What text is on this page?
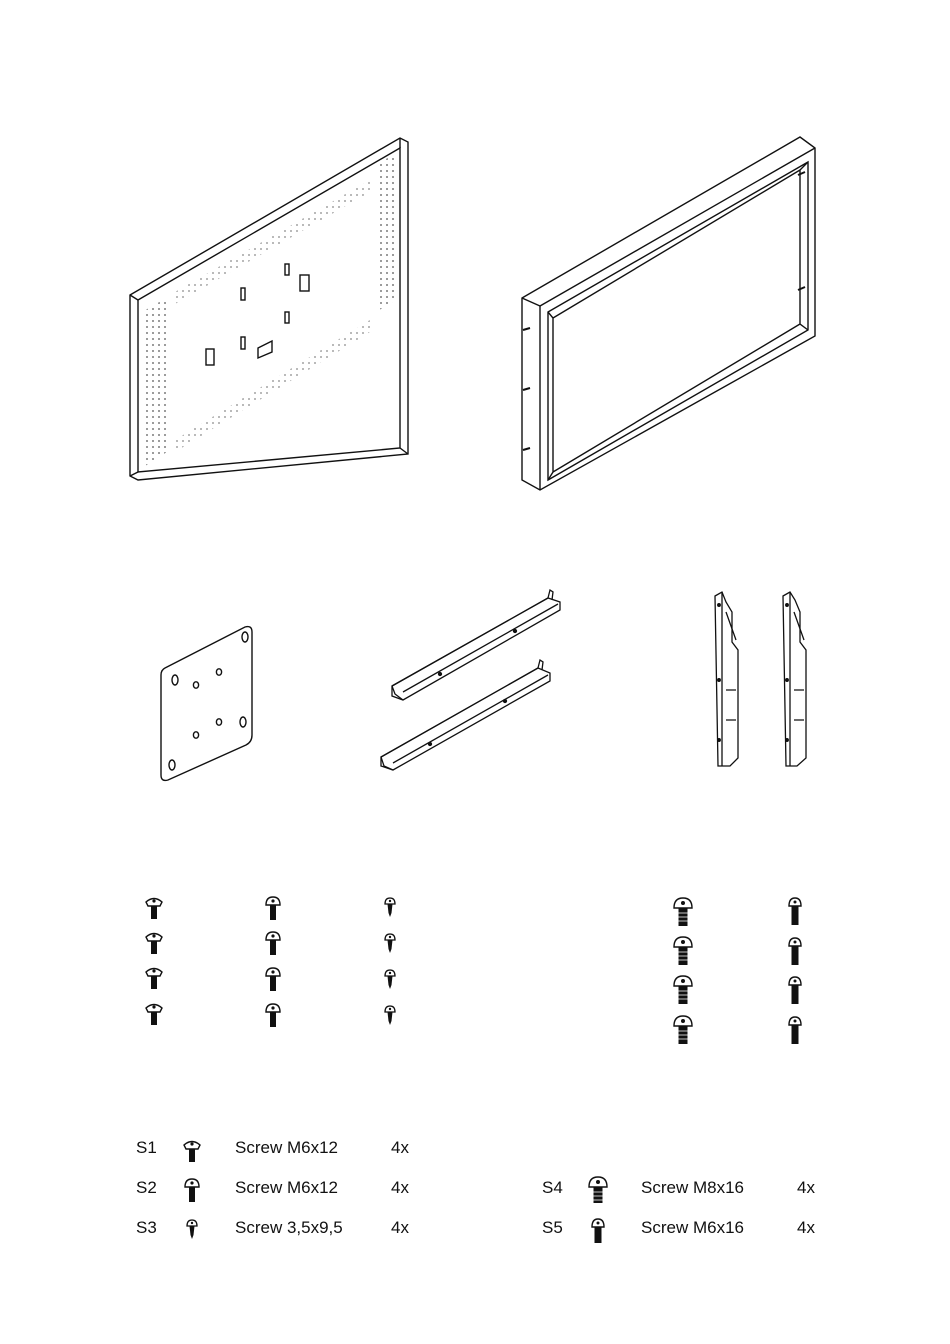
S1	Screw M6x12	4x
S2	Screw M6x12	4x
S3	Screw 3,5x9,5	4x
S4	Screw M8x16	4x
S5	Screw M6x16	4x
